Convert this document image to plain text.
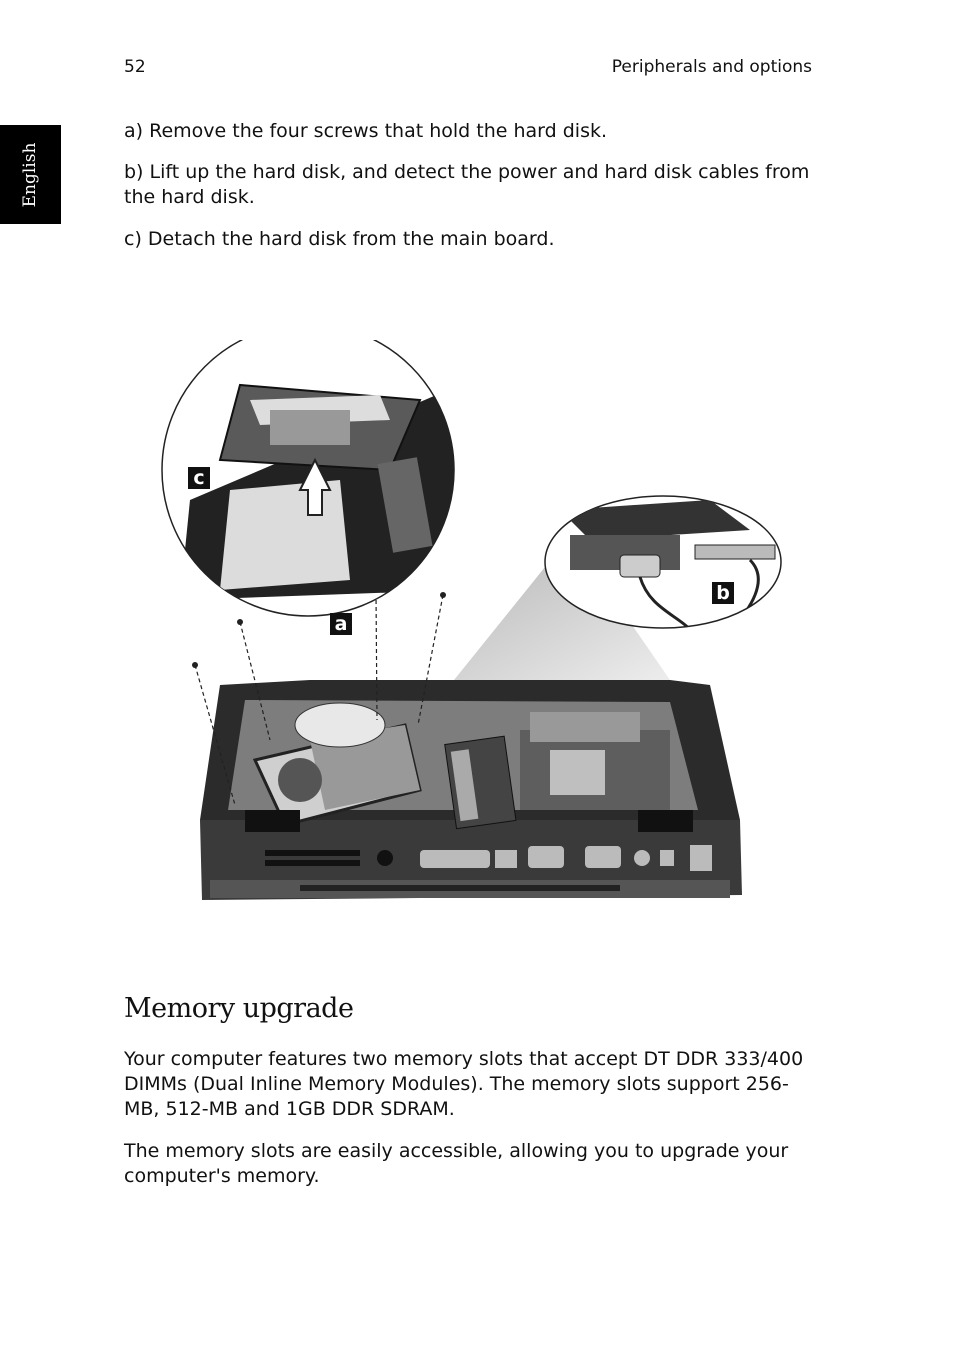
52	Peripherals and options
English

a) Remove the four screws that hold the hard disk.

b) Lift up the hard disk, and detect the power and hard disk cables from the hard disk.

c) Detach the hard disk from the main board.

c
a
b
Memory upgrade

Your computer features two memory slots that accept DT DDR 333/400 DIMMs (Dual Inline Memory Modules). The memory slots support 256-MB, 512-MB and 1GB DDR SDRAM.

The memory slots are easily accessible, allowing you to upgrade your computer's memory.
